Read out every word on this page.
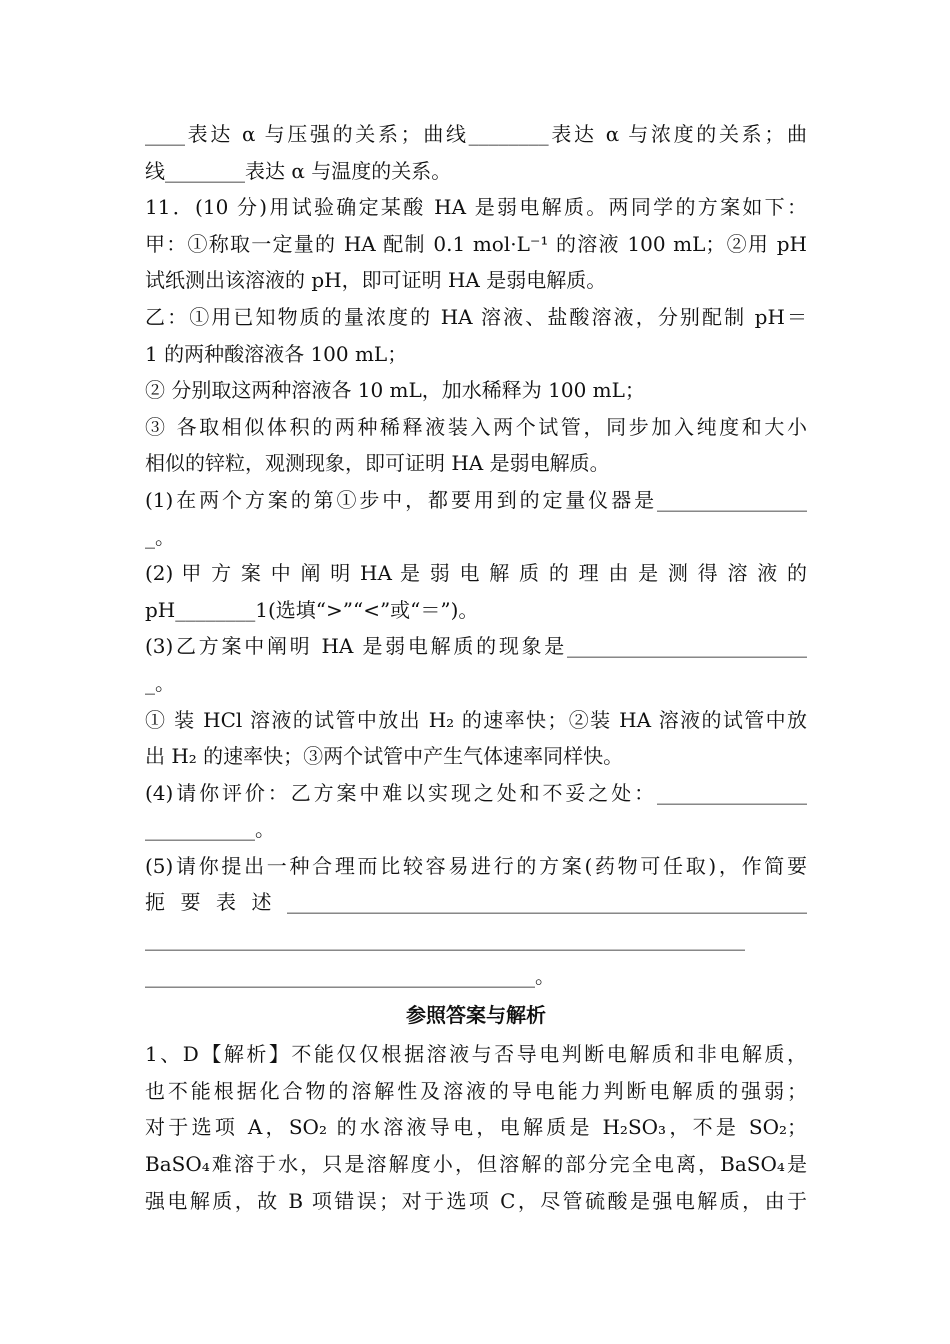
____表达 α 与压强的关系；曲线________表达 α 与浓度的关系；曲
线________表达 α 与温度的关系。
11．(10 分)用试验确定某酸 HA 是弱电解质。两同学的方案如下：
甲：①称取一定量的 HA 配制 0.1 mol·L⁻¹ 的溶液 100 mL；②用 pH
试纸测出该溶液的 pH，即可证明 HA 是弱电解质。
乙：①用已知物质的量浓度的 HA 溶液、盐酸溶液，分别配制 pH＝
1 的两种酸溶液各 100 mL；
② 分别取这两种溶液各 10 mL，加水稀释为 100 mL；
③ 各取相似体积的两种稀释液装入两个试管，同步加入纯度和大小
相似的锌粒，观测现象，即可证明 HA 是弱电解质。
(1)在两个方案的第①步中，都要用到的定量仪器是_______________
_。
(2) 甲 方 案 中 阐 明 HA 是 弱 电 解 质 的 理 由 是 测 得 溶 液 的
pH________1(选填“>”“<”或“＝”)。
(3)乙方案中阐明 HA 是弱电解质的现象是________________________
_。
① 装 HCl 溶液的试管中放出 H₂ 的速率快；②装 HA 溶液的试管中放
出 H₂ 的速率快；③两个试管中产生气体速率同样快。
(4)请你评价：乙方案中难以实现之处和不妥之处：_______________
___________。
(5)请你提出一种合理而比较容易进行的方案(药物可任取)，作简要
扼要表述____________________________________________________
____________________________________________________________
_______________________________________。
参照答案与解析
1、D【解析】不能仅仅根据溶液与否导电判断电解质和非电解质，
也不能根据化合物的溶解性及溶液的导电能力判断电解质的强弱；
对于选项 A，SO₂ 的水溶液导电，电解质是 H₂SO₃，不是 SO₂；
BaSO₄难溶于水，只是溶解度小，但溶解的部分完全电离，BaSO₄是
强电解质，故 B 项错误；对于选项 C，尽管硫酸是强电解质，由于
